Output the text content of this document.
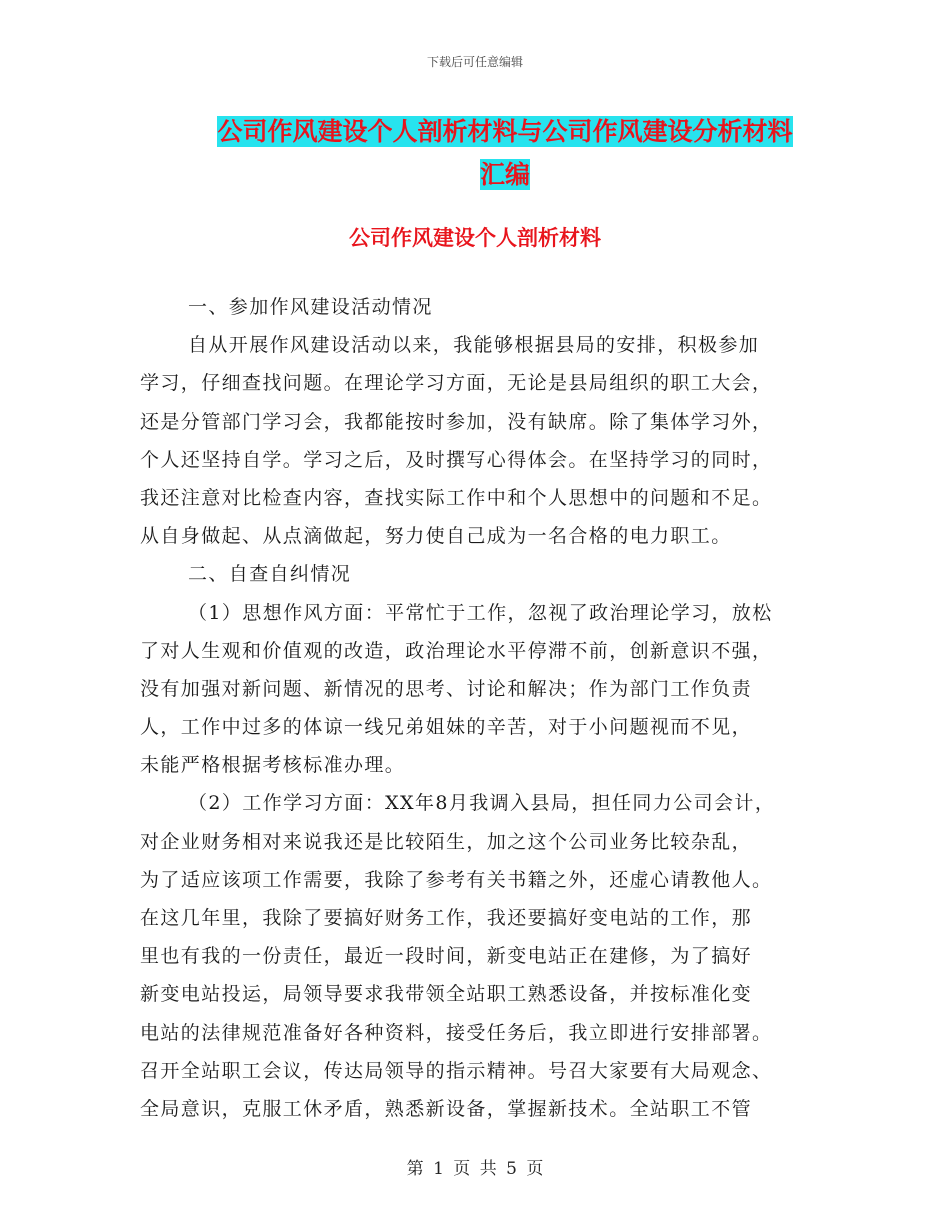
下载后可任意编辑
公司作风建设个人剖析材料与公司作风建设分析材料
汇编
公司作风建设个人剖析材料
一、参加作风建设活动情况
自从开展作风建设活动以来，我能够根据县局的安排，积极参加
学习，仔细查找问题。在理论学习方面，无论是县局组织的职工大会，
还是分管部门学习会，我都能按时参加，没有缺席。除了集体学习外，
个人还坚持自学。学习之后，及时撰写心得体会。在坚持学习的同时，
我还注意对比检查内容，查找实际工作中和个人思想中的问题和不足。
从自身做起、从点滴做起，努力使自己成为一名合格的电力职工。
二、自查自纠情况
（1）思想作风方面：平常忙于工作，忽视了政治理论学习，放松
了对人生观和价值观的改造，政治理论水平停滞不前，创新意识不强，
没有加强对新问题、新情况的思考、讨论和解决；作为部门工作负责
人，工作中过多的体谅一线兄弟姐妹的辛苦，对于小问题视而不见，
未能严格根据考核标准办理。
（2）工作学习方面：XX年8月我调入县局，担任同力公司会计，
对企业财务相对来说我还是比较陌生，加之这个公司业务比较杂乱，
为了适应该项工作需要，我除了参考有关书籍之外，还虚心请教他人。
在这几年里，我除了要搞好财务工作，我还要搞好变电站的工作，那
里也有我的一份责任，最近一段时间，新变电站正在建修，为了搞好
新变电站投运，局领导要求我带领全站职工熟悉设备，并按标准化变
电站的法律规范准备好各种资料，接受任务后，我立即进行安排部署。
召开全站职工会议，传达局领导的指示精神。号召大家要有大局观念、
全局意识，克服工休矛盾，熟悉新设备，掌握新技术。全站职工不管
第 1 页 共 5 页
